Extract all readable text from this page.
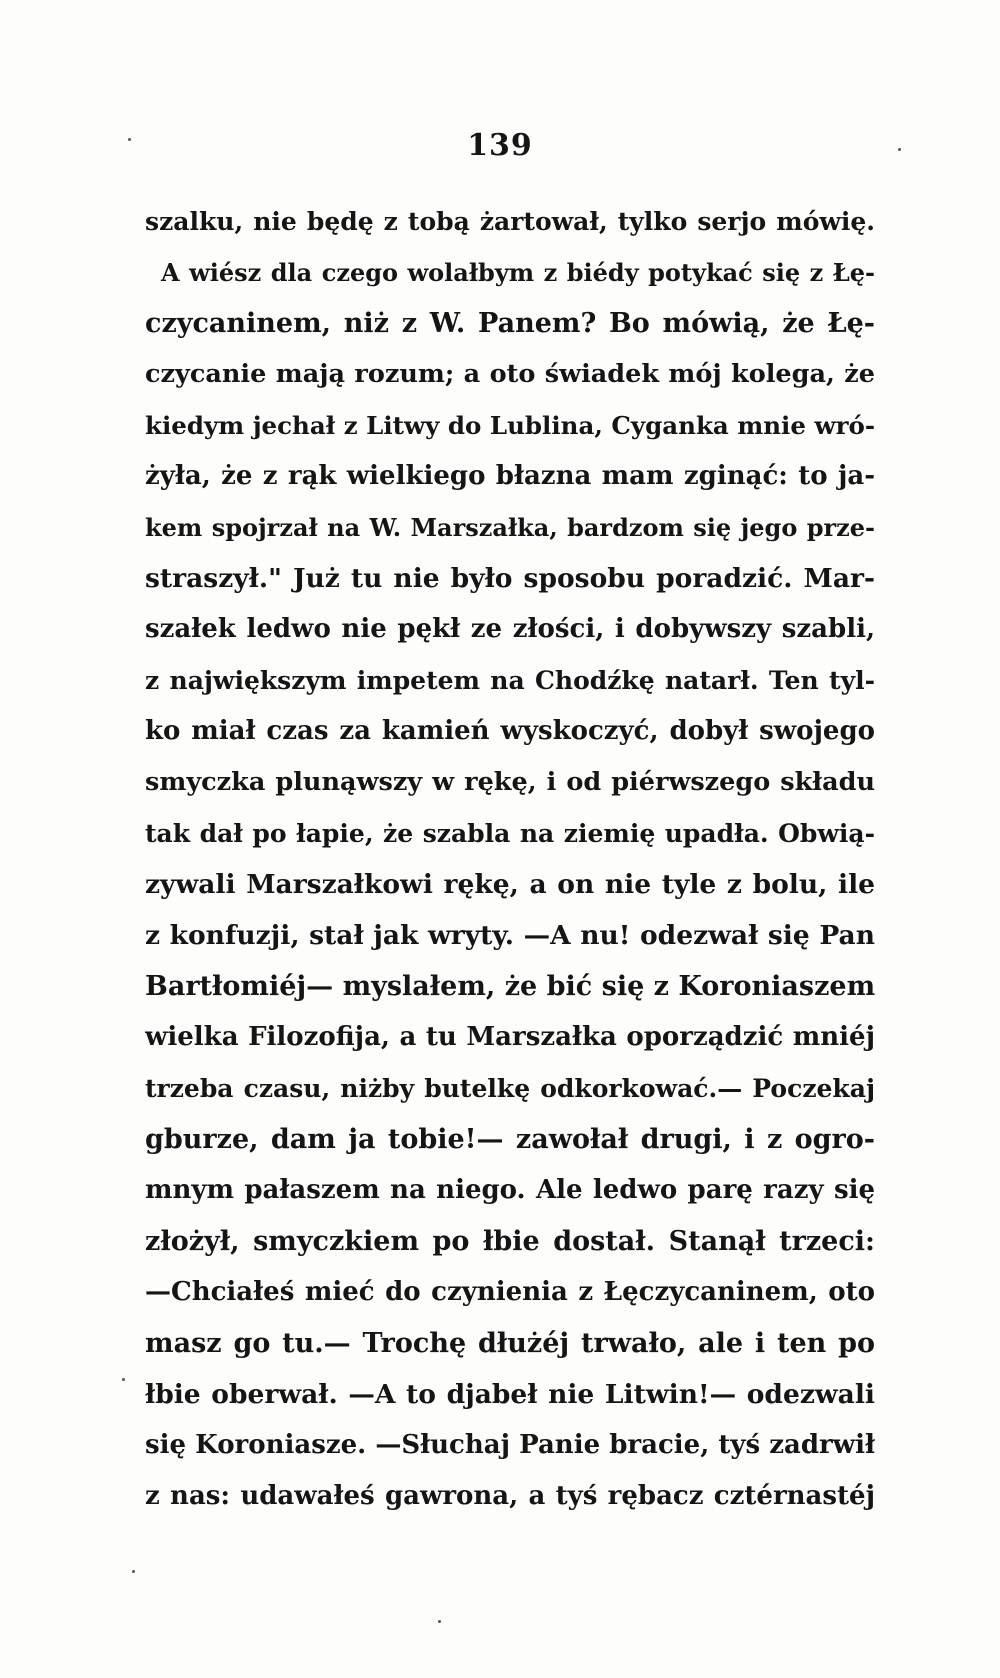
139
szalku, nie będę z tobą żartował, tylko serjo mówię.
A wiész dla czego wolałbym z biédy potykać się z Łę-
czycaninem, niż z W. Panem? Bo mówią, że Łę-
czycanie mają rozum; a oto świadek mój kolega, że
kiedym jechał z Litwy do Lublina, Cyganka mnie wró-
żyła, że z rąk wielkiego błazna mam zginąć: to ja-
kem spojrzał na W. Marszałka, bardzom się jego prze-
straszył." Już tu nie było sposobu poradzić. Mar-
szałek ledwo nie pękł ze złości, i dobywszy szabli,
z największym impetem na Chodźkę natarł. Ten tyl-
ko miał czas za kamień wyskoczyć, dobył swojego
smyczka plunąwszy w rękę, i od piérwszego składu
tak dał po łapie, że szabla na ziemię upadła. Obwią-
zywali Marszałkowi rękę, a on nie tyle z bolu, ile
z konfuzji, stał jak wryty. —A nu! odezwał się Pan
Bartłomiéj— myslałem, że bić się z Koroniaszem
wielka Filozofija, a tu Marszałka oporządzić mniéj
trzeba czasu, niżby butelkę odkorkować.— Poczekaj
gburze, dam ja tobie!— zawołał drugi, i z ogro-
mnym pałaszem na niego. Ale ledwo parę razy się
złożył, smyczkiem po łbie dostał. Stanął trzeci:
—Chciałeś mieć do czynienia z Łęczycaninem, oto
masz go tu.— Trochę dłużéj trwało, ale i ten po
łbie oberwał. —A to djabeł nie Litwin!— odezwali
się Koroniasze. —Słuchaj Panie bracie, tyś zadrwił
z nas: udawałeś gawrona, a tyś rębacz cztérnastéj
